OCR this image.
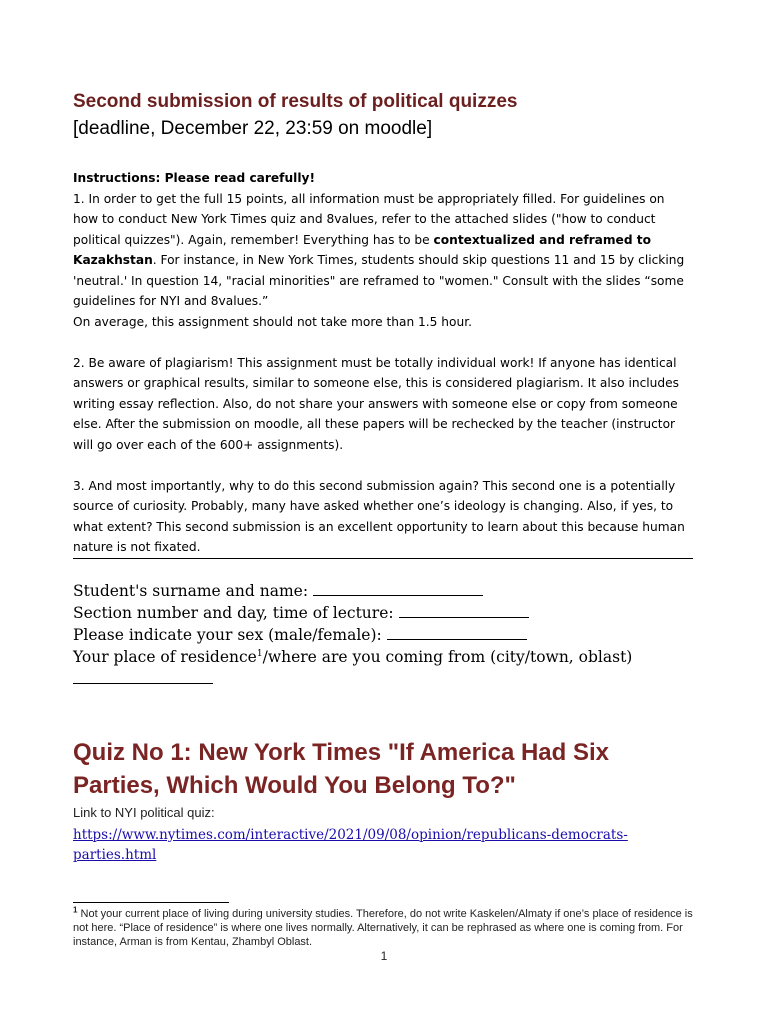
Second submission of results of political quizzes
[deadline, December 22, 23:59 on moodle]
Instructions: Please read carefully!

1. In order to get the full 15 points, all information must be appropriately filled. For guidelines on how to conduct New York Times quiz and 8values, refer to the attached slides ("how to conduct political quizzes"). Again, remember! Everything has to be contextualized and reframed to Kazakhstan. For instance, in New York Times, students should skip questions 11 and 15 by clicking 'neutral.' In question 14, "racial minorities" are reframed to "women." Consult with the slides “some guidelines for NYI and 8values.”

On average, this assignment should not take more than 1.5 hour.

2. Be aware of plagiarism! This assignment must be totally individual work! If anyone has identical answers or graphical results, similar to someone else, this is considered plagiarism. It also includes writing essay reflection. Also, do not share your answers with someone else or copy from someone else. After the submission on moodle, all these papers will be rechecked by the teacher (instructor will go over each of the 600+ assignments).

3. And most importantly, why to do this second submission again? This second one is a potentially source of curiosity. Probably, many have asked whether one’s ideology is changing. Also, if yes, to what extent? This second submission is an excellent opportunity to learn about this because human nature is not fixated.

Student's surname and name:

Section number and day, time of lecture:

Please indicate your sex (male/female):

Your place of residence$^1$/where are you coming from (city/town, oblast)

Quiz No 1: New York Times "If America Had Six Parties, Which Would You Belong To?"
Link to NYI political quiz:
https://www.nytimes.com/interactive/2021/09/08/opinion/republicans-democrats-parties.html

$^1$ Not your current place of living during university studies. Therefore, do not write Kaskelen/Almaty if one’s place of residence is not here. “Place of residence” is where one lives normally. Alternatively, it can be rephrased as where one is coming from. For instance, Arman is from Kentau, Zhambyl Oblast.

1
